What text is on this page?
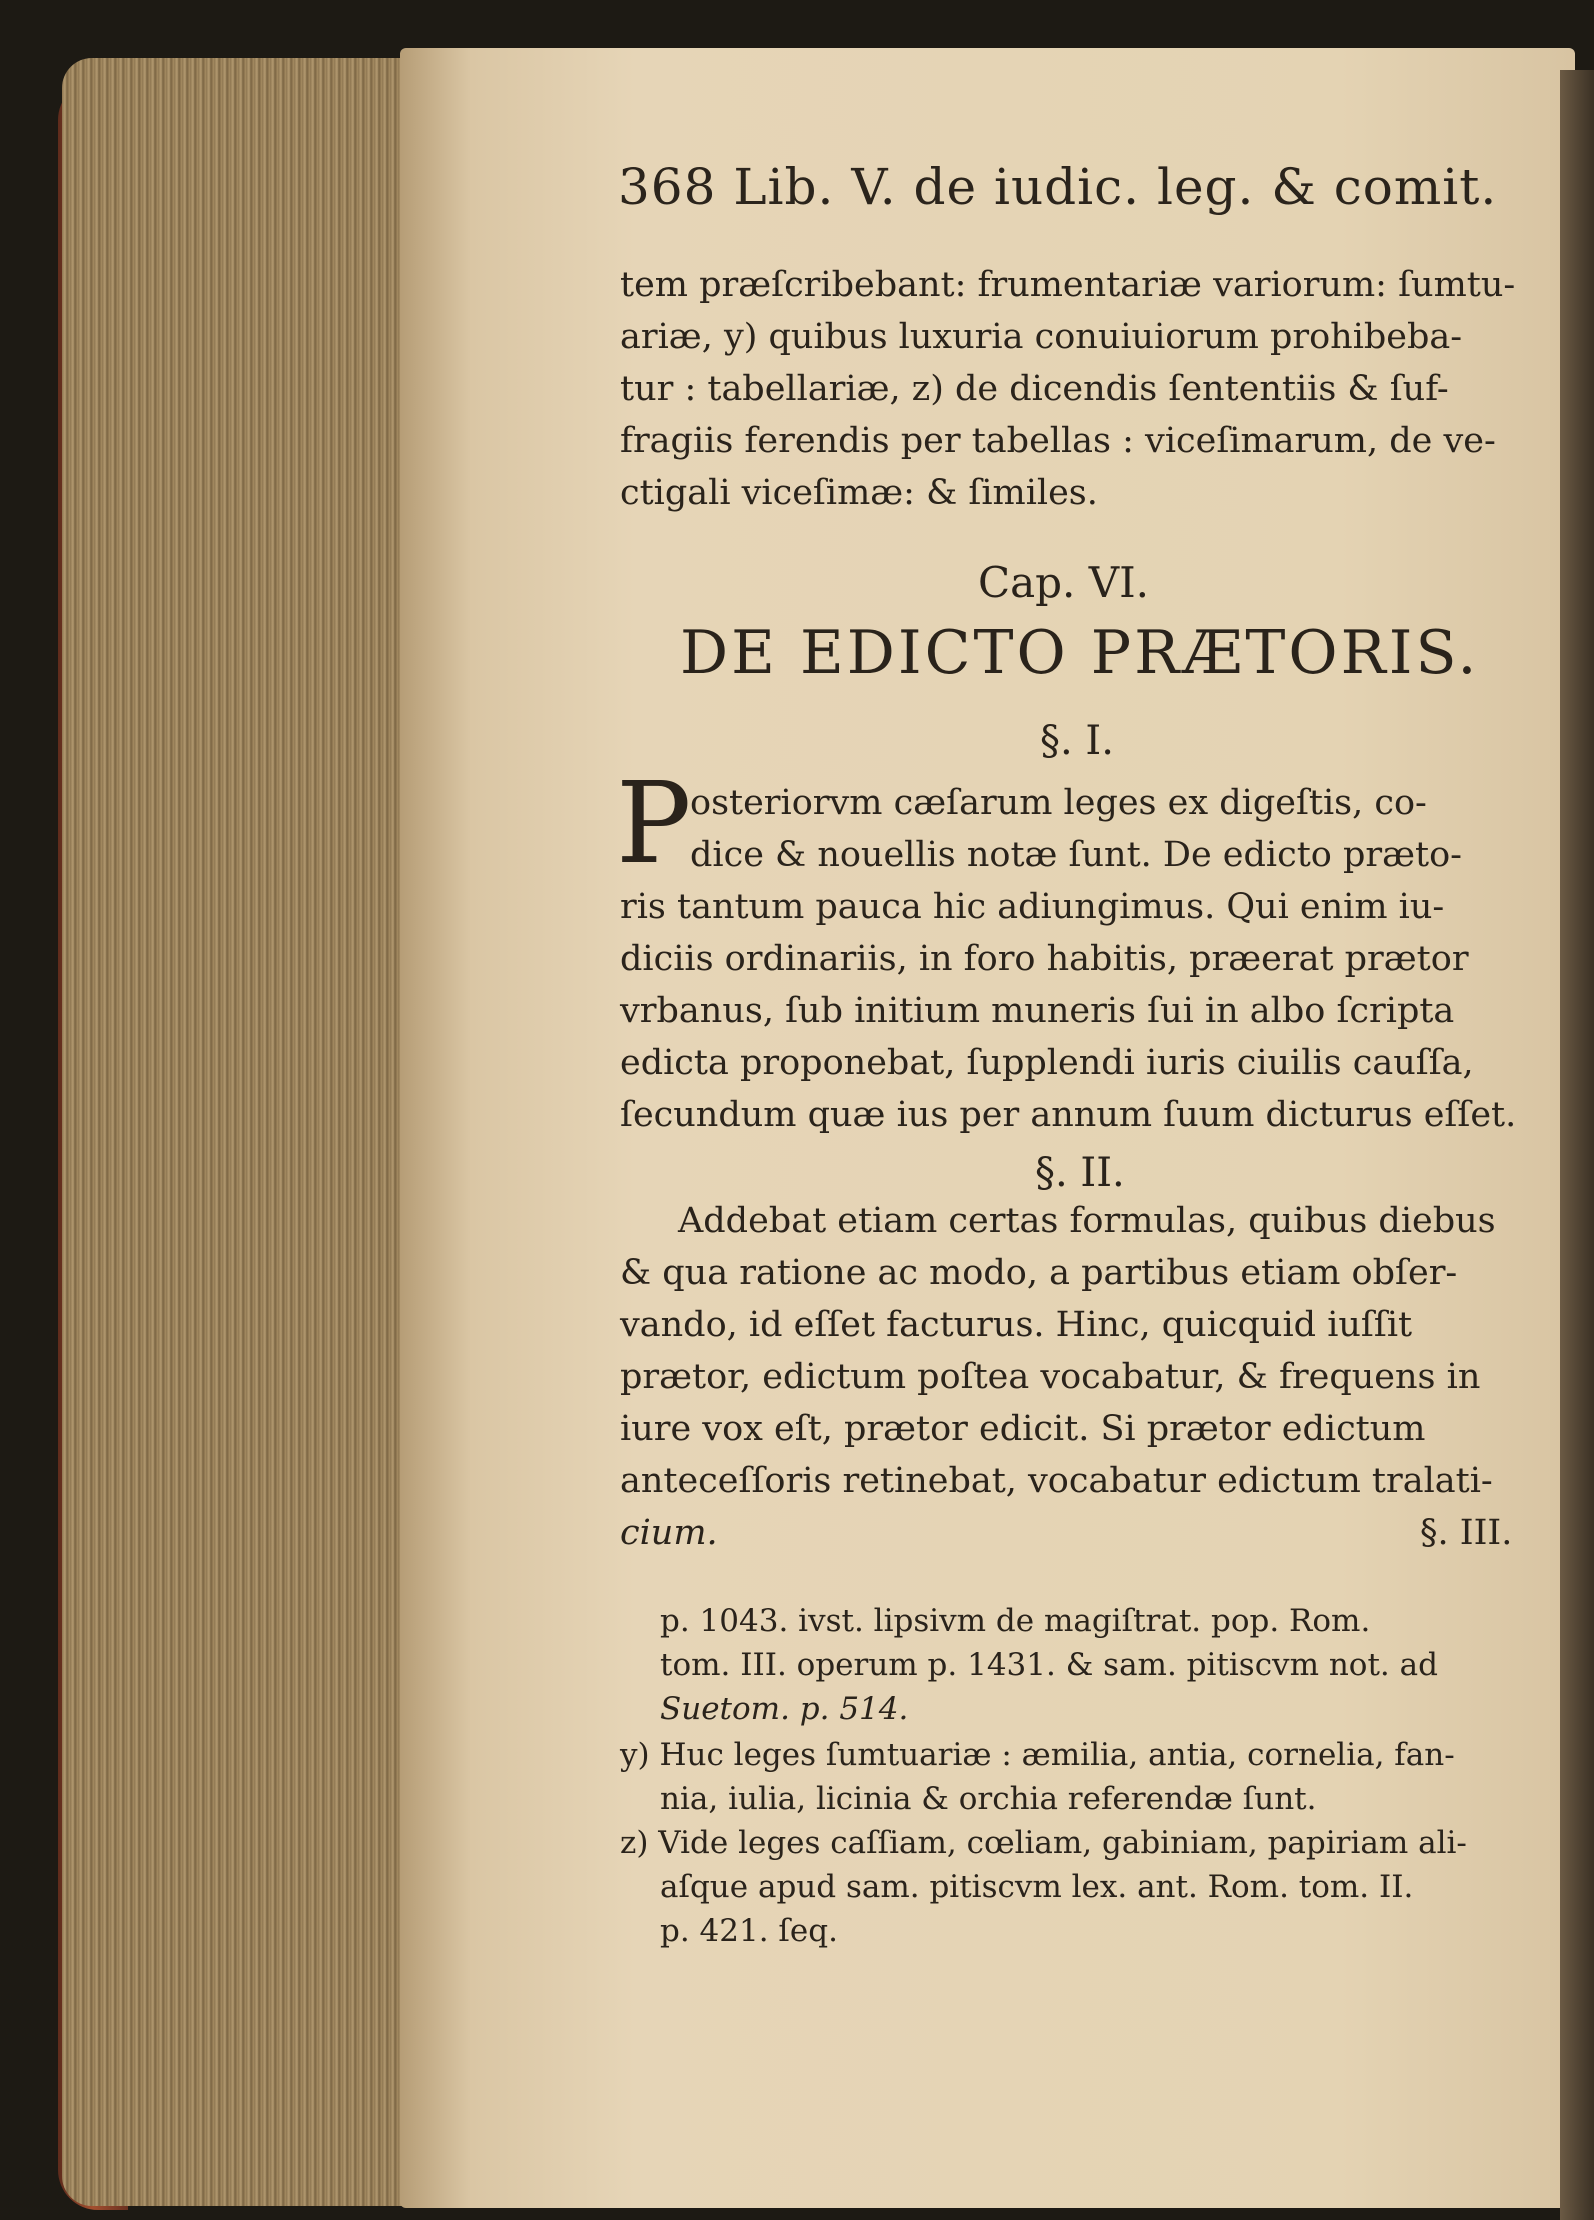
368 Lib. V. de iudic. leg. & comit.
tem præſcribebant: frumentariæ variorum: ſumtu-
ariæ, y) quibus luxuria conuiuiorum prohibeba-
tur : tabellariæ, z) de dicendis ſententiis & ſuf-
fragiis ferendis per tabellas : viceſimarum, de ve-
ctigali viceſimæ: & ſimiles.
Cap. VI.
DE EDICTO PRÆTORIS.
§. I.
P
osteriorvm cæſarum leges ex digeſtis, co-
dice & nouellis notæ ſunt. De edicto præto-
ris tantum pauca hic adiungimus. Qui enim iu-
diciis ordinariis, in foro habitis, præerat prætor
vrbanus, ſub initium muneris ſui in albo ſcripta
edicta proponebat, ſupplendi iuris ciuilis cauſſa,
ſecundum quæ ius per annum ſuum dicturus eſſet.
§. II.
Addebat etiam certas formulas, quibus diebus
& qua ratione ac modo, a partibus etiam obſer-
vando, id eſſet facturus. Hinc, quicquid iuſſit
prætor, edictum poſtea vocabatur, & frequens in
iure vox eſt, prætor edicit. Si prætor edictum
anteceſſoris retinebat, vocabatur edictum tralati-
cium.	§. III.
p. 1043. ivst. lipsivm de magiſtrat. pop. Rom.
tom. III. operum p. 1431. & sam. pitiscvm not. ad
Suetom. p. 514.
y) Huc leges ſumtuariæ : æmilia, antia, cornelia, fan-
nia, iulia, licinia & orchia referendæ ſunt.
z) Vide leges caſſiam, cœliam, gabiniam, papiriam ali-
aſque apud sam. pitiscvm lex. ant. Rom. tom. II.
p. 421. ſeq.
